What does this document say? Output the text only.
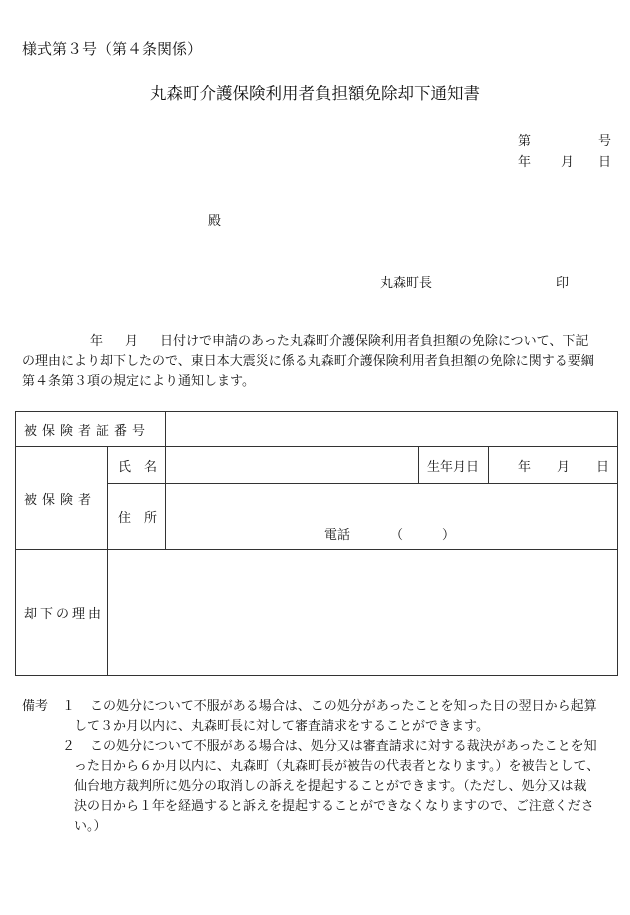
様式第３号（第４条関係）
丸森町介護保険利用者負担額免除却下通知書
第	号
年 月 日
殿
丸森町長	印

年 月 日付けで申請のあった丸森町介護保険利用者負担額の免除について、下記
の理由により却下したので、東日本大震災に係る丸森町介護保険利用者負担額の免除に関する要綱
第４条第３項の規定により通知します。

被保険者証番号				
被保険者	氏　名		生年月日	年　　月　　日
	住　所	電話 （　　　）		

却下の理由				
備考 １ この処分について不服がある場合は、この処分があったことを知った日の翌日から起算
して３か月以内に、丸森町長に対して審査請求をすることができます。
２ この処分について不服がある場合は、処分又は審査請求に対する裁決があったことを知
った日から６か月以内に、丸森町（丸森町長が被告の代表者となります。）を被告として、
仙台地方裁判所に処分の取消しの訴えを提起することができます。（ただし、処分又は裁
決の日から１年を経過すると訴えを提起することができなくなりますので、ご注意くださ
い。）
